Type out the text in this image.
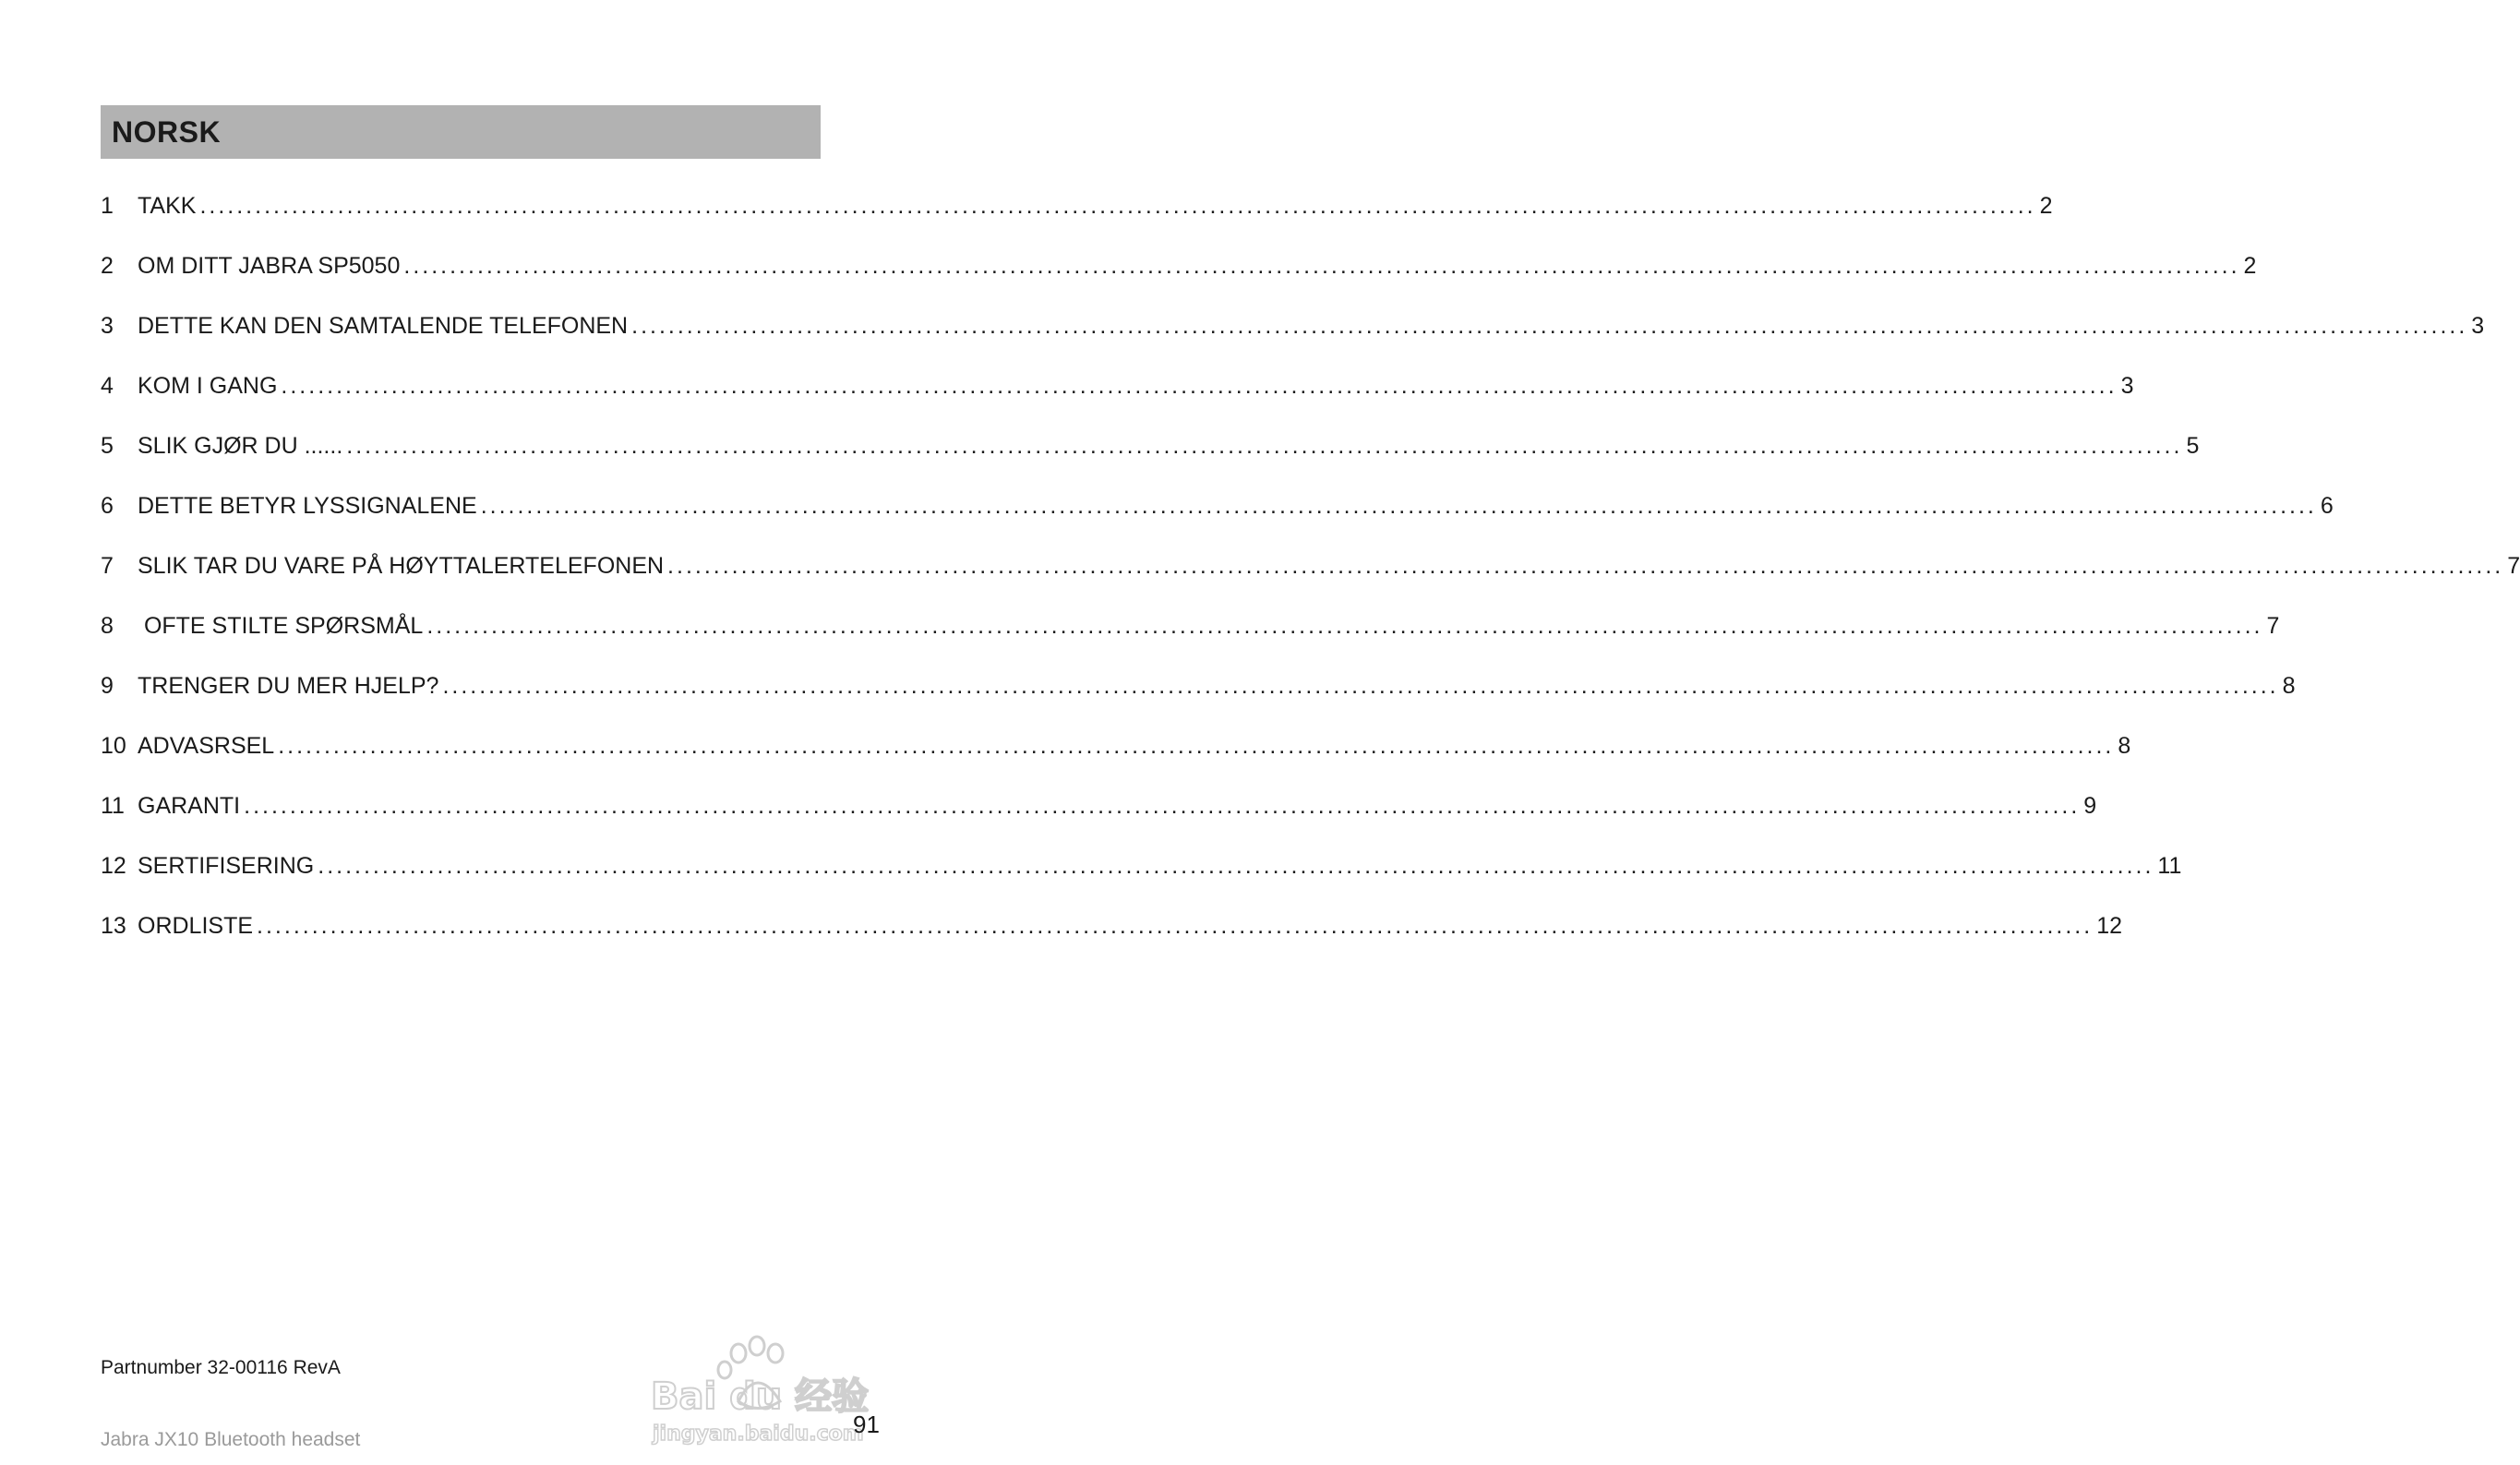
NORSK
1	TAKK ........................................................................................................................................................................................................ 2
2	OM DITT JABRA SP5050 ........................................................................................................................................................................................................ 2
3	DETTE KAN DEN SAMTALENDE TELEFONEN ........................................................................................................................................................................................................ 3
4	KOM I GANG ........................................................................................................................................................................................................ 3
5	SLIK GJØR DU ...... ........................................................................................................................................................................................................ 5
6	DETTE BETYR LYSSIGNALENE ........................................................................................................................................................................................................ 6
7	SLIK TAR DU VARE PÅ HØYTTALERTELEFONEN ........................................................................................................................................................................................................ 7
8	OFTE STILTE SPØRSMÅL ........................................................................................................................................................................................................ 7
9	TRENGER DU MER HJELP? ........................................................................................................................................................................................................ 8
10 ADVASRSEL ........................................................................................................................................................................................................ 8
11 GARANTI ........................................................................................................................................................................................................ 9
12 SERTIFISERING ........................................................................................................................................................................................................ 11
13 ORDLISTE ........................................................................................................................................................................................................ 12
Partnumber 32-00116 RevA
Jabra JX10 Bluetooth headset
Bai du 经验
jingyan.baidu.com
91
